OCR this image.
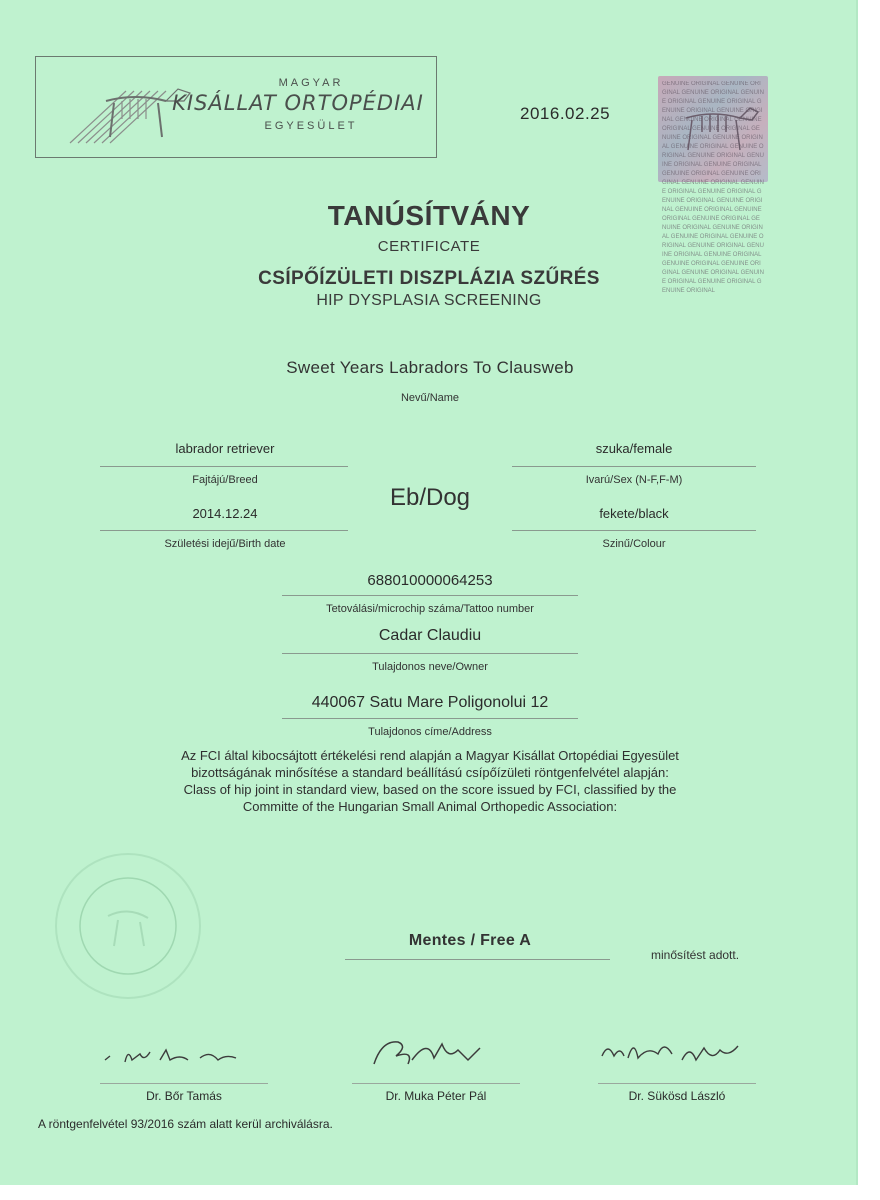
MAGYAR
KISÁLLAT ORTOPÉDIAI
EGYESÜLET
2016.02.25
GENUINE ORIGINAL GENUINE ORIGINAL GENUINE ORIGINAL GENUINE ORIGINAL GENUINE ORIGINAL GENUINE ORIGINAL GENUINE ORIGINAL GENUINE ORIGINAL GENUINE ORIGINAL GENUINE ORIGINAL GENUINE ORIGINAL GENUINE ORIGINAL GENUINE ORIGINAL GENUINE ORIGINAL GENUINE ORIGINAL GENUINE ORIGINAL GENUINE ORIGINAL GENUINE ORIGINAL GENUINE ORIGINAL GENUINE ORIGINAL GENUINE ORIGINAL GENUINE ORIGINAL GENUINE ORIGINAL GENUINE ORIGINAL GENUINE ORIGINAL GENUINE ORIGINAL GENUINE ORIGINAL GENUINE ORIGINAL GENUINE ORIGINAL GENUINE ORIGINAL GENUINE ORIGINAL GENUINE ORIGINAL GENUINE ORIGINAL GENUINE ORIGINAL GENUINE ORIGINAL GENUINE ORIGINAL GENUINE ORIGINAL GENUINE ORIGINAL GENUINE ORIGINAL GENUINE ORIGINAL
TANÚSÍTVÁNY
CERTIFICATE
CSÍPŐÍZÜLETI DISZPLÁZIA SZŰRÉS
HIP DYSPLASIA SCREENING
Sweet Years Labradors To Clausweb
Nevű/Name
labrador retriever
Fajtájú/Breed
szuka/female
Ivarú/Sex (N-F,F-M)
Eb/Dog
2014.12.24
Születési idejű/Birth date
fekete/black
Szinű/Colour
688010000064253
Tetoválási/microchip száma/Tattoo number
Cadar Claudiu
Tulajdonos neve/Owner
440067 Satu Mare Poligonolui 12
Tulajdonos címe/Address
Az FCI által kibocsájtott értékelési rend alapján a Magyar Kisállat Ortopédiai Egyesület
bizottságának minősítése a standard beállítású csípőízületi röntgenfelvétel alapján:
Class of hip joint in standard view, based on the score issued by FCI, classified by the
Committe of the Hungarian Small Animal Orthopedic Association:
Mentes / Free A
minősítést adott.
Dr. Bőr Tamás	Dr. Muka Péter Pál	Dr. Sükösd László
A röntgenfelvétel 93/2016 szám alatt kerül archiválásra.
